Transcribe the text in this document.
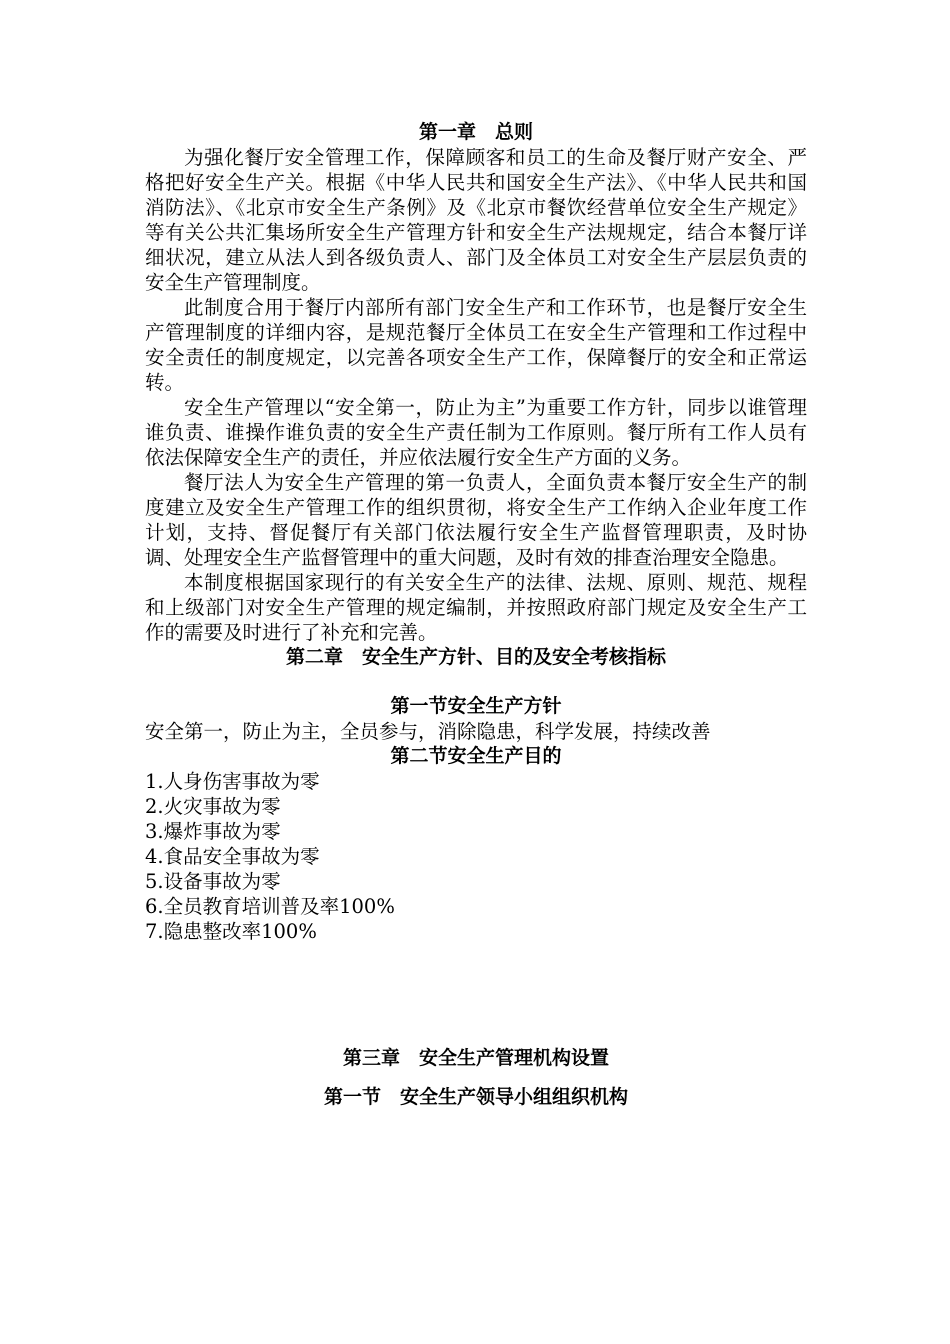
第一章　总则

为强化餐厅安全管理工作，保障顾客和员工的生命及餐厅财产安全、严格把好安全生产关。根据《中华人民共和国安全生产法》、《中华人民共和国消防法》、《北京市安全生产条例》及《北京市餐饮经营单位安全生产规定》等有关公共汇集场所安全生产管理方针和安全生产法规规定，结合本餐厅详细状况，建立从法人到各级负责人、部门及全体员工对安全生产层层负责的安全生产管理制度。

此制度合用于餐厅内部所有部门安全生产和工作环节，也是餐厅安全生产管理制度的详细内容，是规范餐厅全体员工在安全生产管理和工作过程中安全责任的制度规定，以完善各项安全生产工作，保障餐厅的安全和正常运转。

安全生产管理以“安全第一，防止为主”为重要工作方针，同步以谁管理谁负责、谁操作谁负责的安全生产责任制为工作原则。餐厅所有工作人员有依法保障安全生产的责任，并应依法履行安全生产方面的义务。

餐厅法人为安全生产管理的第一负责人，全面负责本餐厅安全生产的制度建立及安全生产管理工作的组织贯彻，将安全生产工作纳入企业年度工作计划，支持、督促餐厅有关部门依法履行安全生产监督管理职责，及时协调、处理安全生产监督管理中的重大问题，及时有效的排查治理安全隐患。

本制度根据国家现行的有关安全生产的法律、法规、原则、规范、规程和上级部门对安全生产管理的规定编制，并按照政府部门规定及安全生产工作的需要及时进行了补充和完善。

第二章　安全生产方针、目的及安全考核指标
第一节安全生产方针

安全第一，防止为主，全员参与，消除隐患，科学发展，持续改善

第二节安全生产目的
1.人身伤害事故为零
2.火灾事故为零
3.爆炸事故为零
4.食品安全事故为零
5.设备事故为零
6.全员教育培训普及率100%
7.隐患整改率100%
第三章　安全生产管理机构设置
第一节　安全生产领导小组组织机构
